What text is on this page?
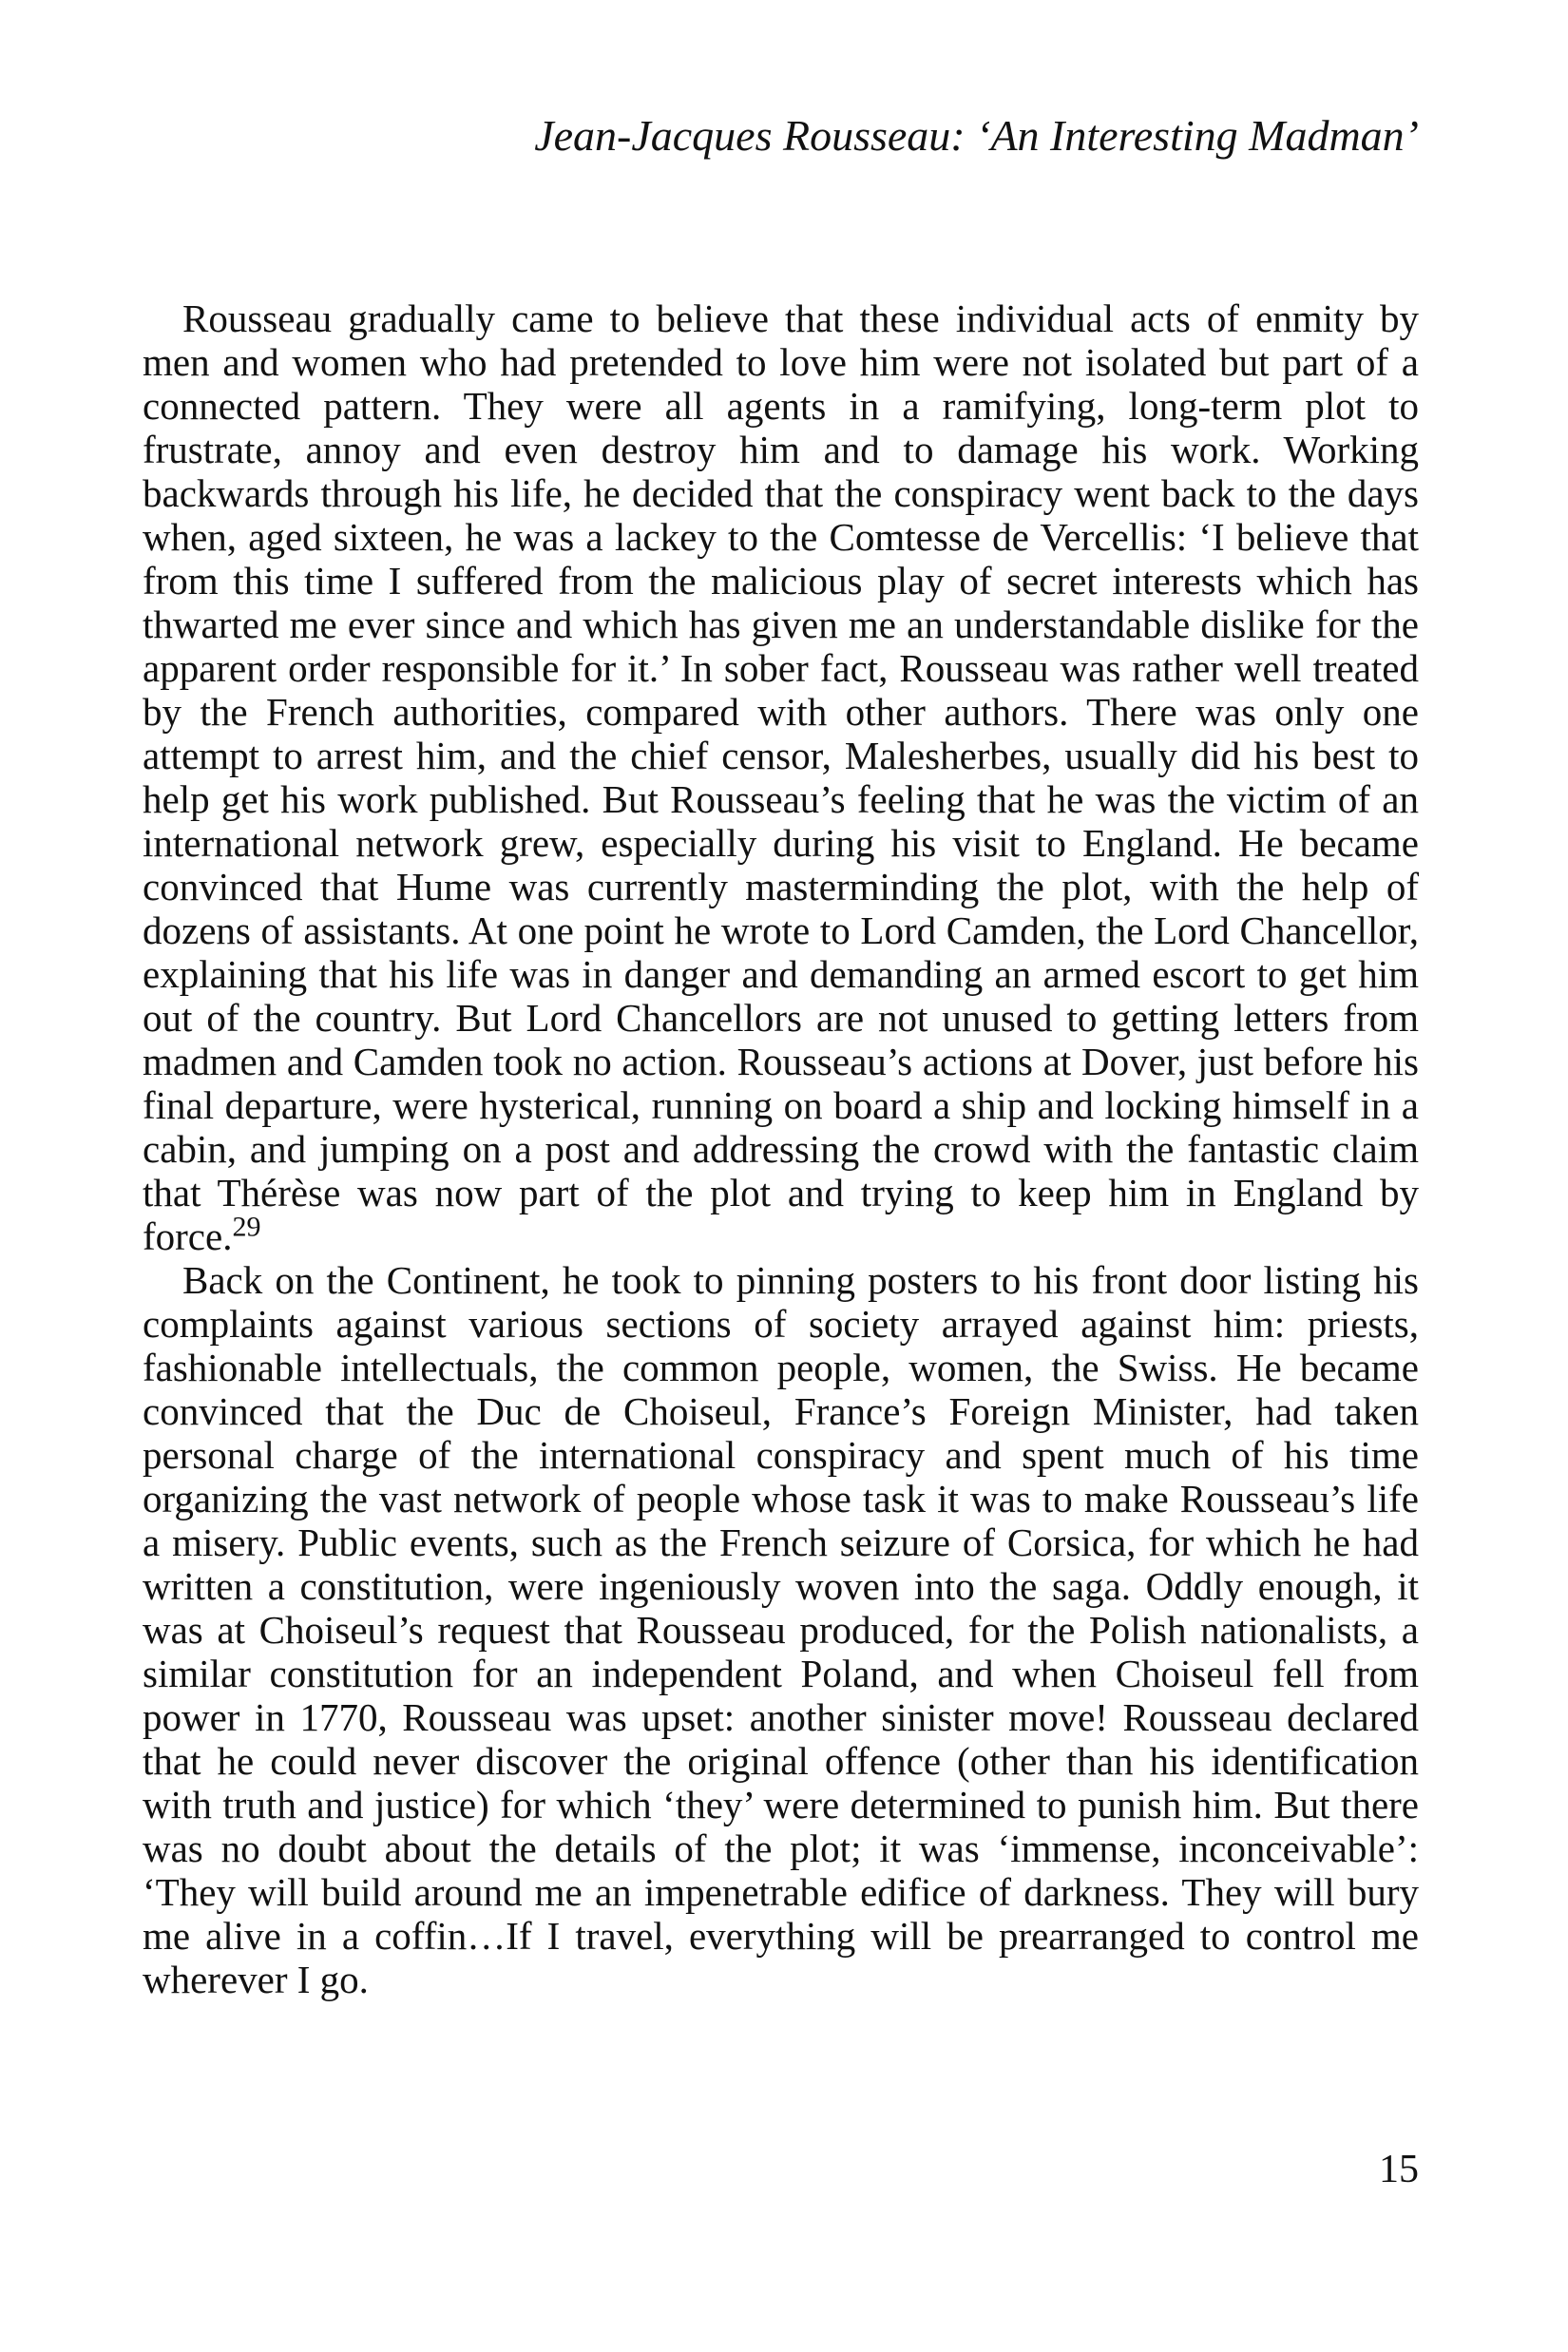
Jean-Jacques Rousseau: ‘An Interesting Madman’

Rousseau gradually came to believe that these individual acts of enmity by men and women who had pretended to love him were not isolated but part of a connected pattern. They were all agents in a ramifying, long-term plot to frustrate, annoy and even destroy him and to damage his work. Working backwards through his life, he decided that the conspiracy went back to the days when, aged sixteen, he was a lackey to the Comtesse de Vercellis: ‘I believe that from this time I suffered from the malicious play of secret interests which has thwarted me ever since and which has given me an understandable dislike for the apparent order responsible for it.’ In sober fact, Rousseau was rather well treated by the French authorities, compared with other authors. There was only one attempt to arrest him, and the chief censor, Malesherbes, usually did his best to help get his work published. But Rousseau’s feeling that he was the victim of an international network grew, especially during his visit to England. He became convinced that Hume was currently masterminding the plot, with the help of dozens of assistants. At one point he wrote to Lord Camden, the Lord Chancellor, explaining that his life was in danger and demanding an armed escort to get him out of the country. But Lord Chancellors are not unused to getting letters from madmen and Camden took no action. Rousseau’s actions at Dover, just before his final departure, were hysterical, running on board a ship and locking himself in a cabin, and jumping on a post and addressing the crowd with the fantastic claim that Thérèse was now part of the plot and trying to keep him in England by force.$^{29}$

Back on the Continent, he took to pinning posters to his front door listing his complaints against various sections of society arrayed against him: priests, fashionable intellectuals, the common people, women, the Swiss. He became convinced that the Duc de Choiseul, France’s Foreign Minister, had taken personal charge of the international conspiracy and spent much of his time organizing the vast network of people whose task it was to make Rousseau’s life a misery. Public events, such as the French seizure of Corsica, for which he had written a constitution, were ingeniously woven into the saga. Oddly enough, it was at Choiseul’s request that Rousseau produced, for the Polish nationalists, a similar constitution for an independent Poland, and when Choiseul fell from power in 1770, Rousseau was upset: another sinister move! Rousseau declared that he could never discover the original offence (other than his identification with truth and justice) for which ‘they’ were determined to punish him. But there was no doubt about the details of the plot; it was ‘immense, inconceivable’: ‘They will build around me an impenetrable edifice of darkness. They will bury me alive in a coffin…If I travel, everything will be prearranged to control me wherever I go.

15
